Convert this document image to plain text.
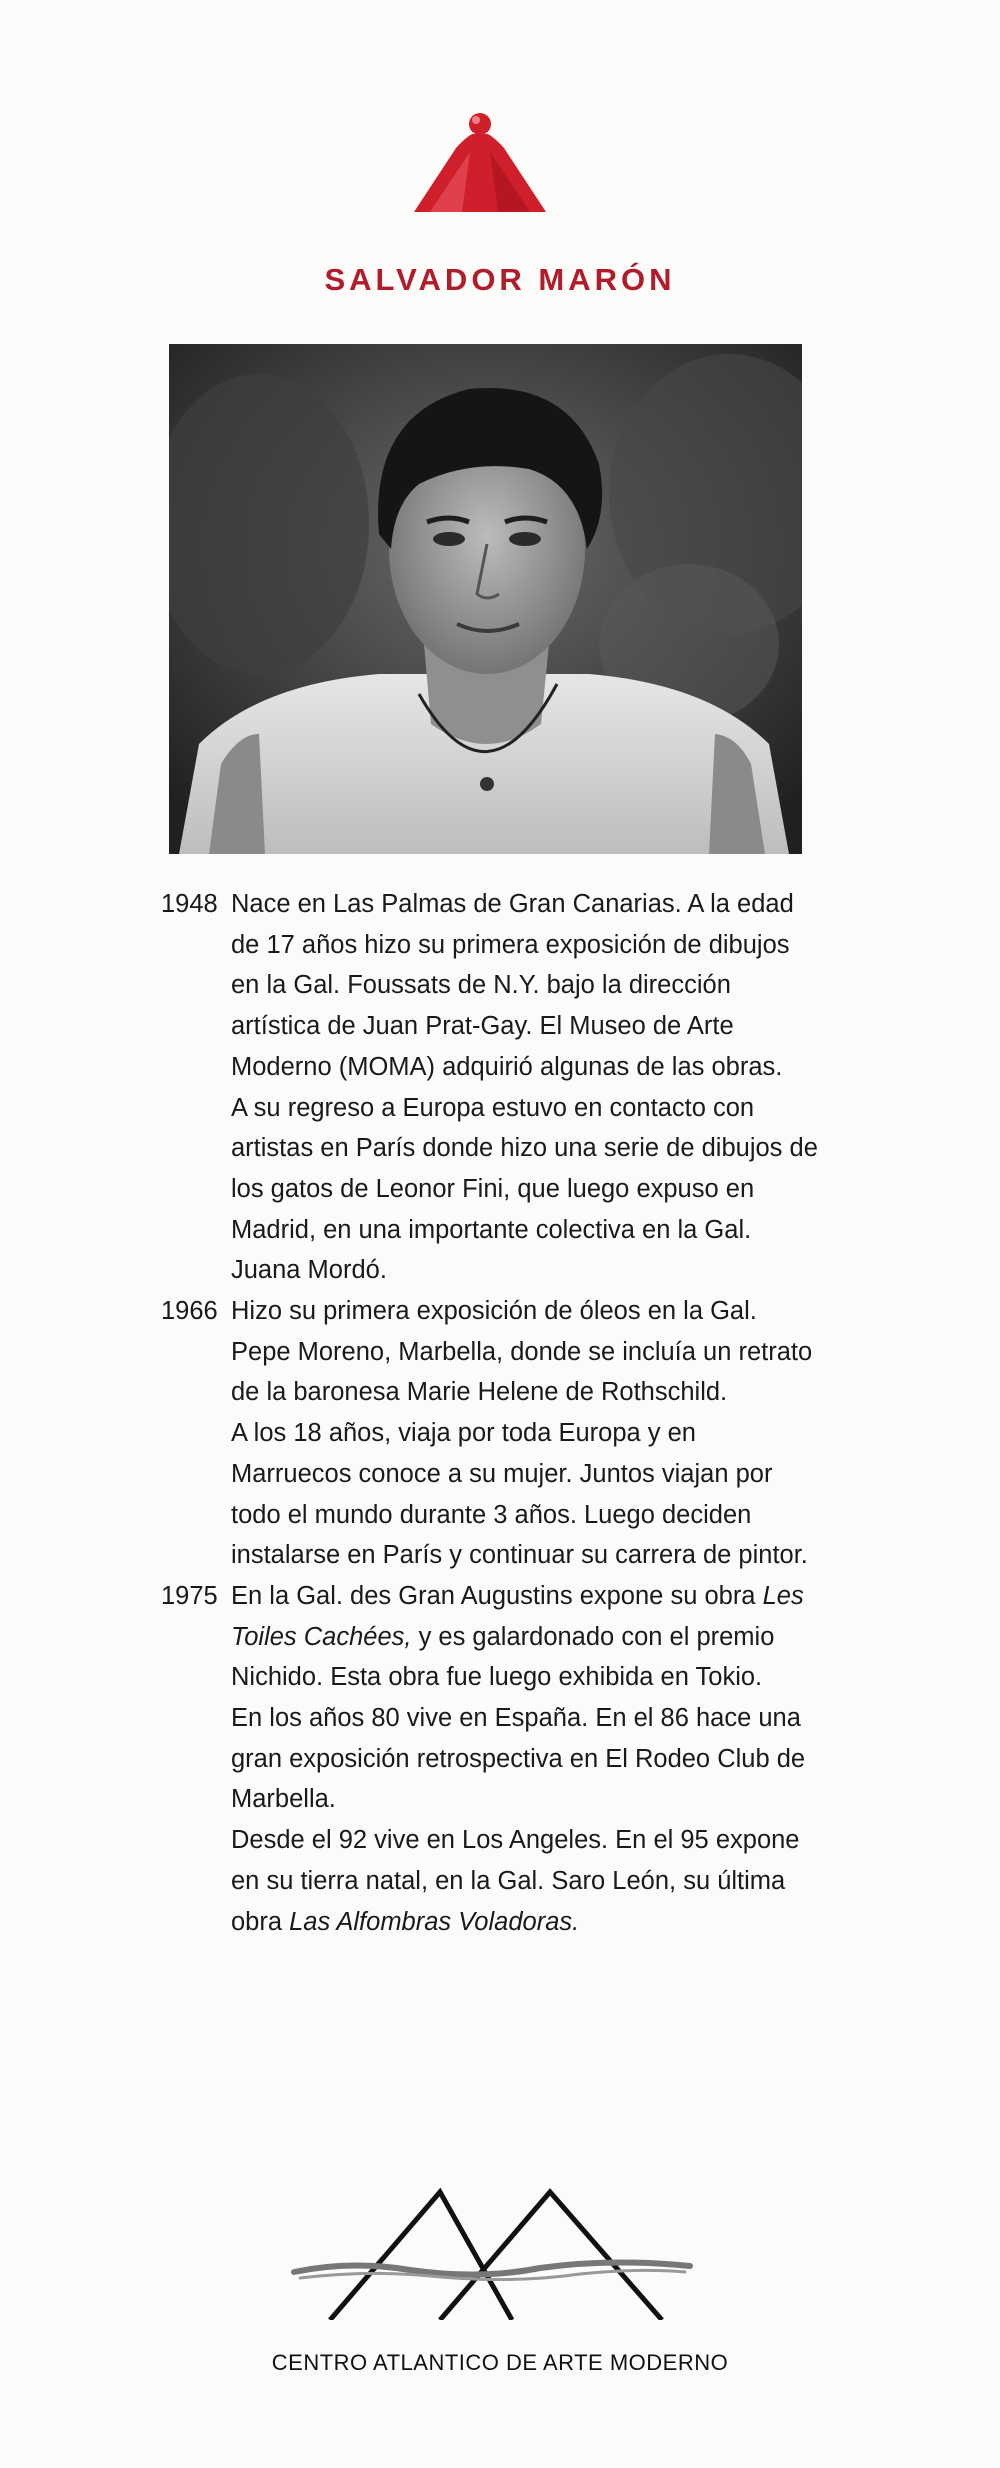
SALVADOR MARÓN
1948 Nace en Las Palmas de Gran Canarias. A la edad de 17 años hizo su primera exposición de dibujos en la Gal. Foussats de N.Y. bajo la dirección artística de Juan Prat-Gay. El Museo de Arte Moderno (MOMA) adquirió algunas de las obras.
A su regreso a Europa estuvo en contacto con artistas en París donde hizo una serie de dibujos de los gatos de Leonor Fini, que luego expuso en Madrid, en una importante colectiva en la Gal. Juana Mordó.
1966 Hizo su primera exposición de óleos en la Gal. Pepe Moreno, Marbella, donde se incluía un retrato de la baronesa Marie Helene de Rothschild.
A los 18 años, viaja por toda Europa y en Marruecos conoce a su mujer. Juntos viajan por todo el mundo durante 3 años. Luego deciden instalarse en París y continuar su carrera de pintor.
1975 En la Gal. des Gran Augustins expone su obra Les Toiles Cachées, y es galardonado con el premio Nichido. Esta obra fue luego exhibida en Tokio.
En los años 80 vive en España. En el 86 hace una gran exposición retrospectiva en El Rodeo Club de Marbella.
Desde el 92 vive en Los Angeles. En el 95 expone en su tierra natal, en la Gal. Saro León, su última obra Las Alfombras Voladoras.
CENTRO ATLANTICO DE ARTE MODERNO
